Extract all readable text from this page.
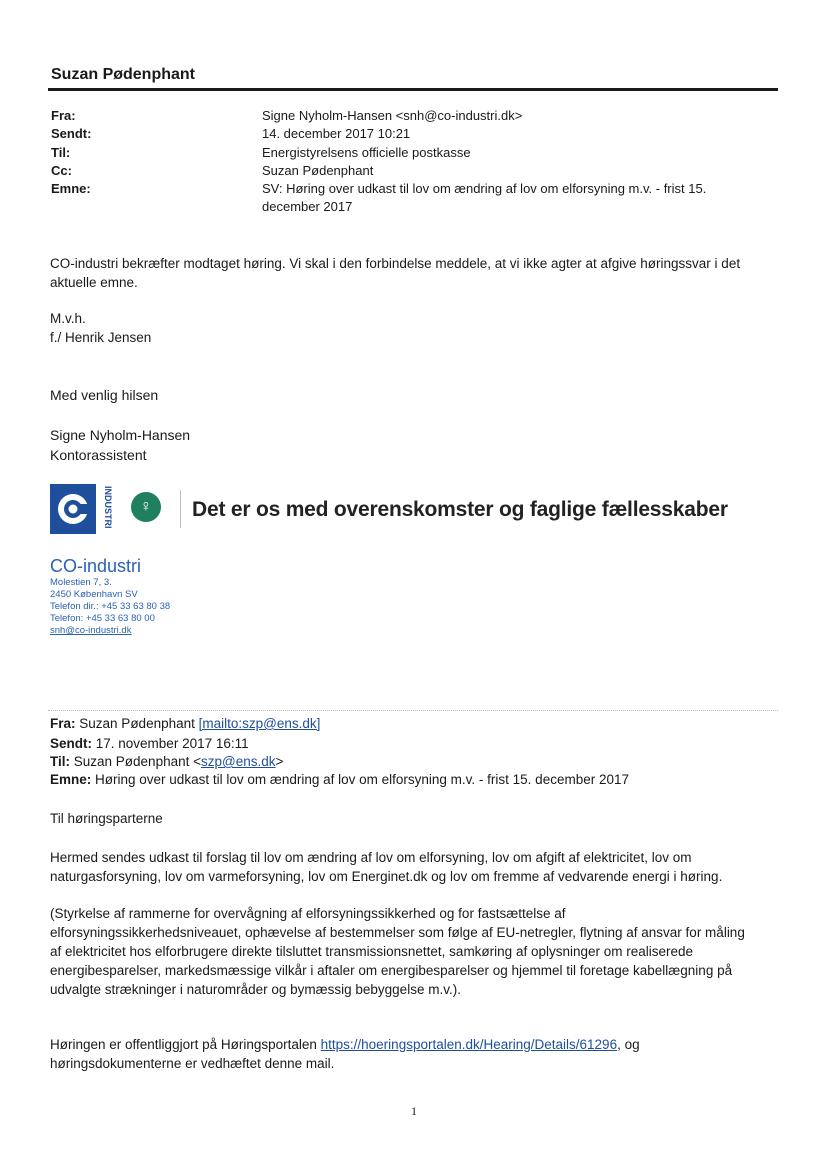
Suzan Pødenphant
Fra:	Signe Nyholm-Hansen <snh@co-industri.dk>
Sendt:	14. december 2017 10:21
Til:	Energistyrelsens officielle postkasse
Cc:	Suzan Pødenphant
Emne:	SV: Høring over udkast til lov om ændring af lov om elforsyning m.v. - frist 15.
december 2017
CO-industri bekræfter modtaget høring. Vi skal i den forbindelse meddele, at vi ikke agter at afgive høringssvar i det
aktuelle emne.
M.v.h.
f./ Henrik Jensen
Med venlig hilsen
Signe Nyholm-Hansen
Kontorassistent
INDUSTRI	♀	Det er os med overenskomster og faglige fællesskaber
CO-industri
Molestien 7, 3.
2450 København SV
Telefon dir.: +45 33 63 80 38
Telefon: +45 33 63 80 00
snh@co-industri.dk
Fra: Suzan Pødenphant [mailto:szp@ens.dk]
Sendt: 17. november 2017 16:11
Til: Suzan Pødenphant <szp@ens.dk>
Emne: Høring over udkast til lov om ændring af lov om elforsyning m.v. - frist 15. december 2017
Til høringsparterne
Hermed sendes udkast til forslag til lov om ændring af lov om elforsyning, lov om afgift af elektricitet, lov om
naturgasforsyning, lov om varmeforsyning, lov om Energinet.dk og lov om fremme af vedvarende energi i høring.
(Styrkelse af rammerne for overvågning af elforsyningssikkerhed og for fastsættelse af
elforsyningssikkerhedsniveauet, ophævelse af bestemmelser som følge af EU-netregler, flytning af ansvar for måling
af elektricitet hos elforbrugere direkte tilsluttet transmissionsnettet, samkøring af oplysninger om realiserede
energibesparelser, markedsmæssige vilkår i aftaler om energibesparelser og hjemmel til foretage kabellægning på
udvalgte strækninger i naturområder og bymæssig bebyggelse m.v.).
Høringen er offentliggjort på Høringsportalen https://hoeringsportalen.dk/Hearing/Details/61296, og
høringsdokumenterne er vedhæftet denne mail.
1
